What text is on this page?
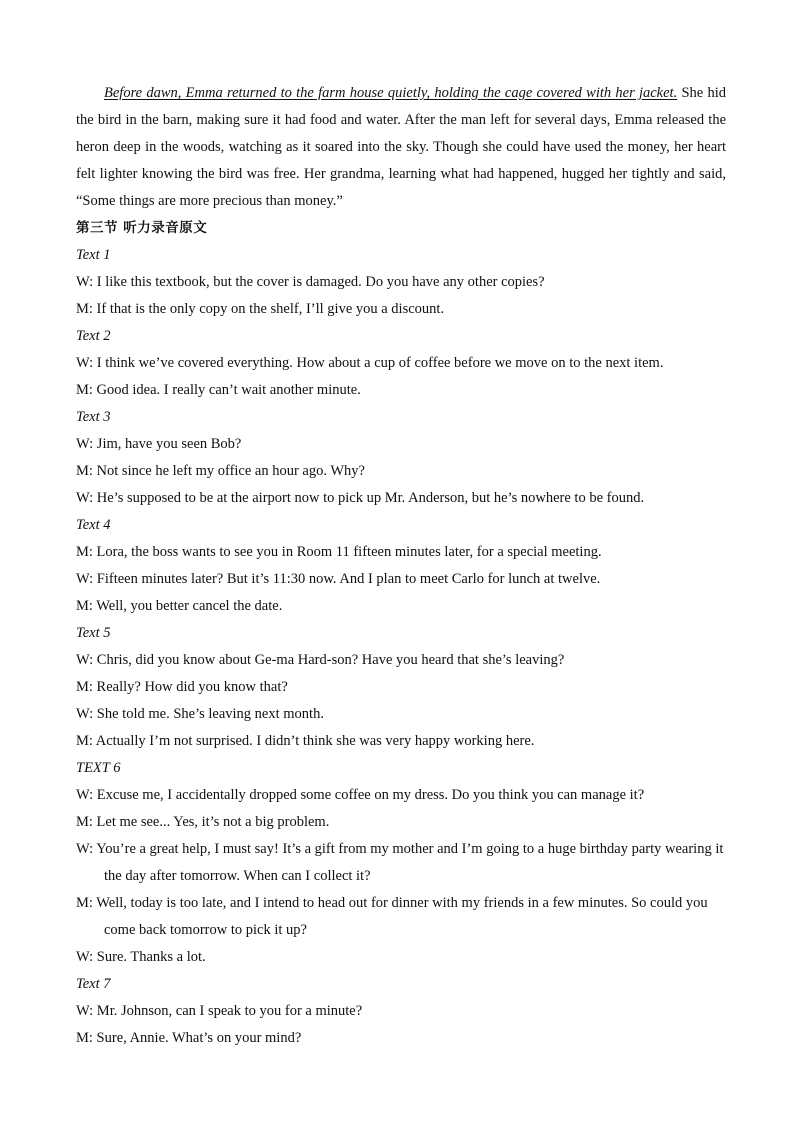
Before dawn, Emma returned to the farm house quietly, holding the cage covered with her jacket. She hid the bird in the barn, making sure it had food and water. After the man left for several days, Emma released the heron deep in the woods, watching as it soared into the sky. Though she could have used the money, her heart felt lighter knowing the bird was free. Her grandma, learning what had happened, hugged her tightly and said, “Some things are more precious than money.”

第三节 听力录音原文

Text 1

W: I like this textbook, but the cover is damaged. Do you have any other copies?

M: If that is the only copy on the shelf, I’ll give you a discount.

Text 2

W: I think we’ve covered everything. How about a cup of coffee before we move on to the next item.

M: Good idea. I really can’t wait another minute.

Text 3

W: Jim, have you seen Bob?

M: Not since he left my office an hour ago. Why?

W: He’s supposed to be at the airport now to pick up Mr. Anderson, but he’s nowhere to be found.

Text 4

M: Lora, the boss wants to see you in Room 11 fifteen minutes later, for a special meeting.

W: Fifteen minutes later? But it’s 11:30 now. And I plan to meet Carlo for lunch at twelve.

M: Well, you better cancel the date.

Text 5

W: Chris, did you know about Ge-ma Hard-son? Have you heard that she’s leaving?

M: Really? How did you know that?

W: She told me. She’s leaving next month.

M: Actually I’m not surprised. I didn’t think she was very happy working here.

TEXT 6

W: Excuse me, I accidentally dropped some coffee on my dress. Do you think you can manage it?

M: Let me see... Yes, it’s not a big problem.

W: You’re a great help, I must say! It’s a gift from my mother and I’m going to a huge birthday party wearing it the day after tomorrow. When can I collect it?

M: Well, today is too late, and I intend to head out for dinner with my friends in a few minutes. So could you come back tomorrow to pick it up?

W: Sure. Thanks a lot.

Text 7

W: Mr. Johnson, can I speak to you for a minute?

M: Sure, Annie. What’s on your mind?
